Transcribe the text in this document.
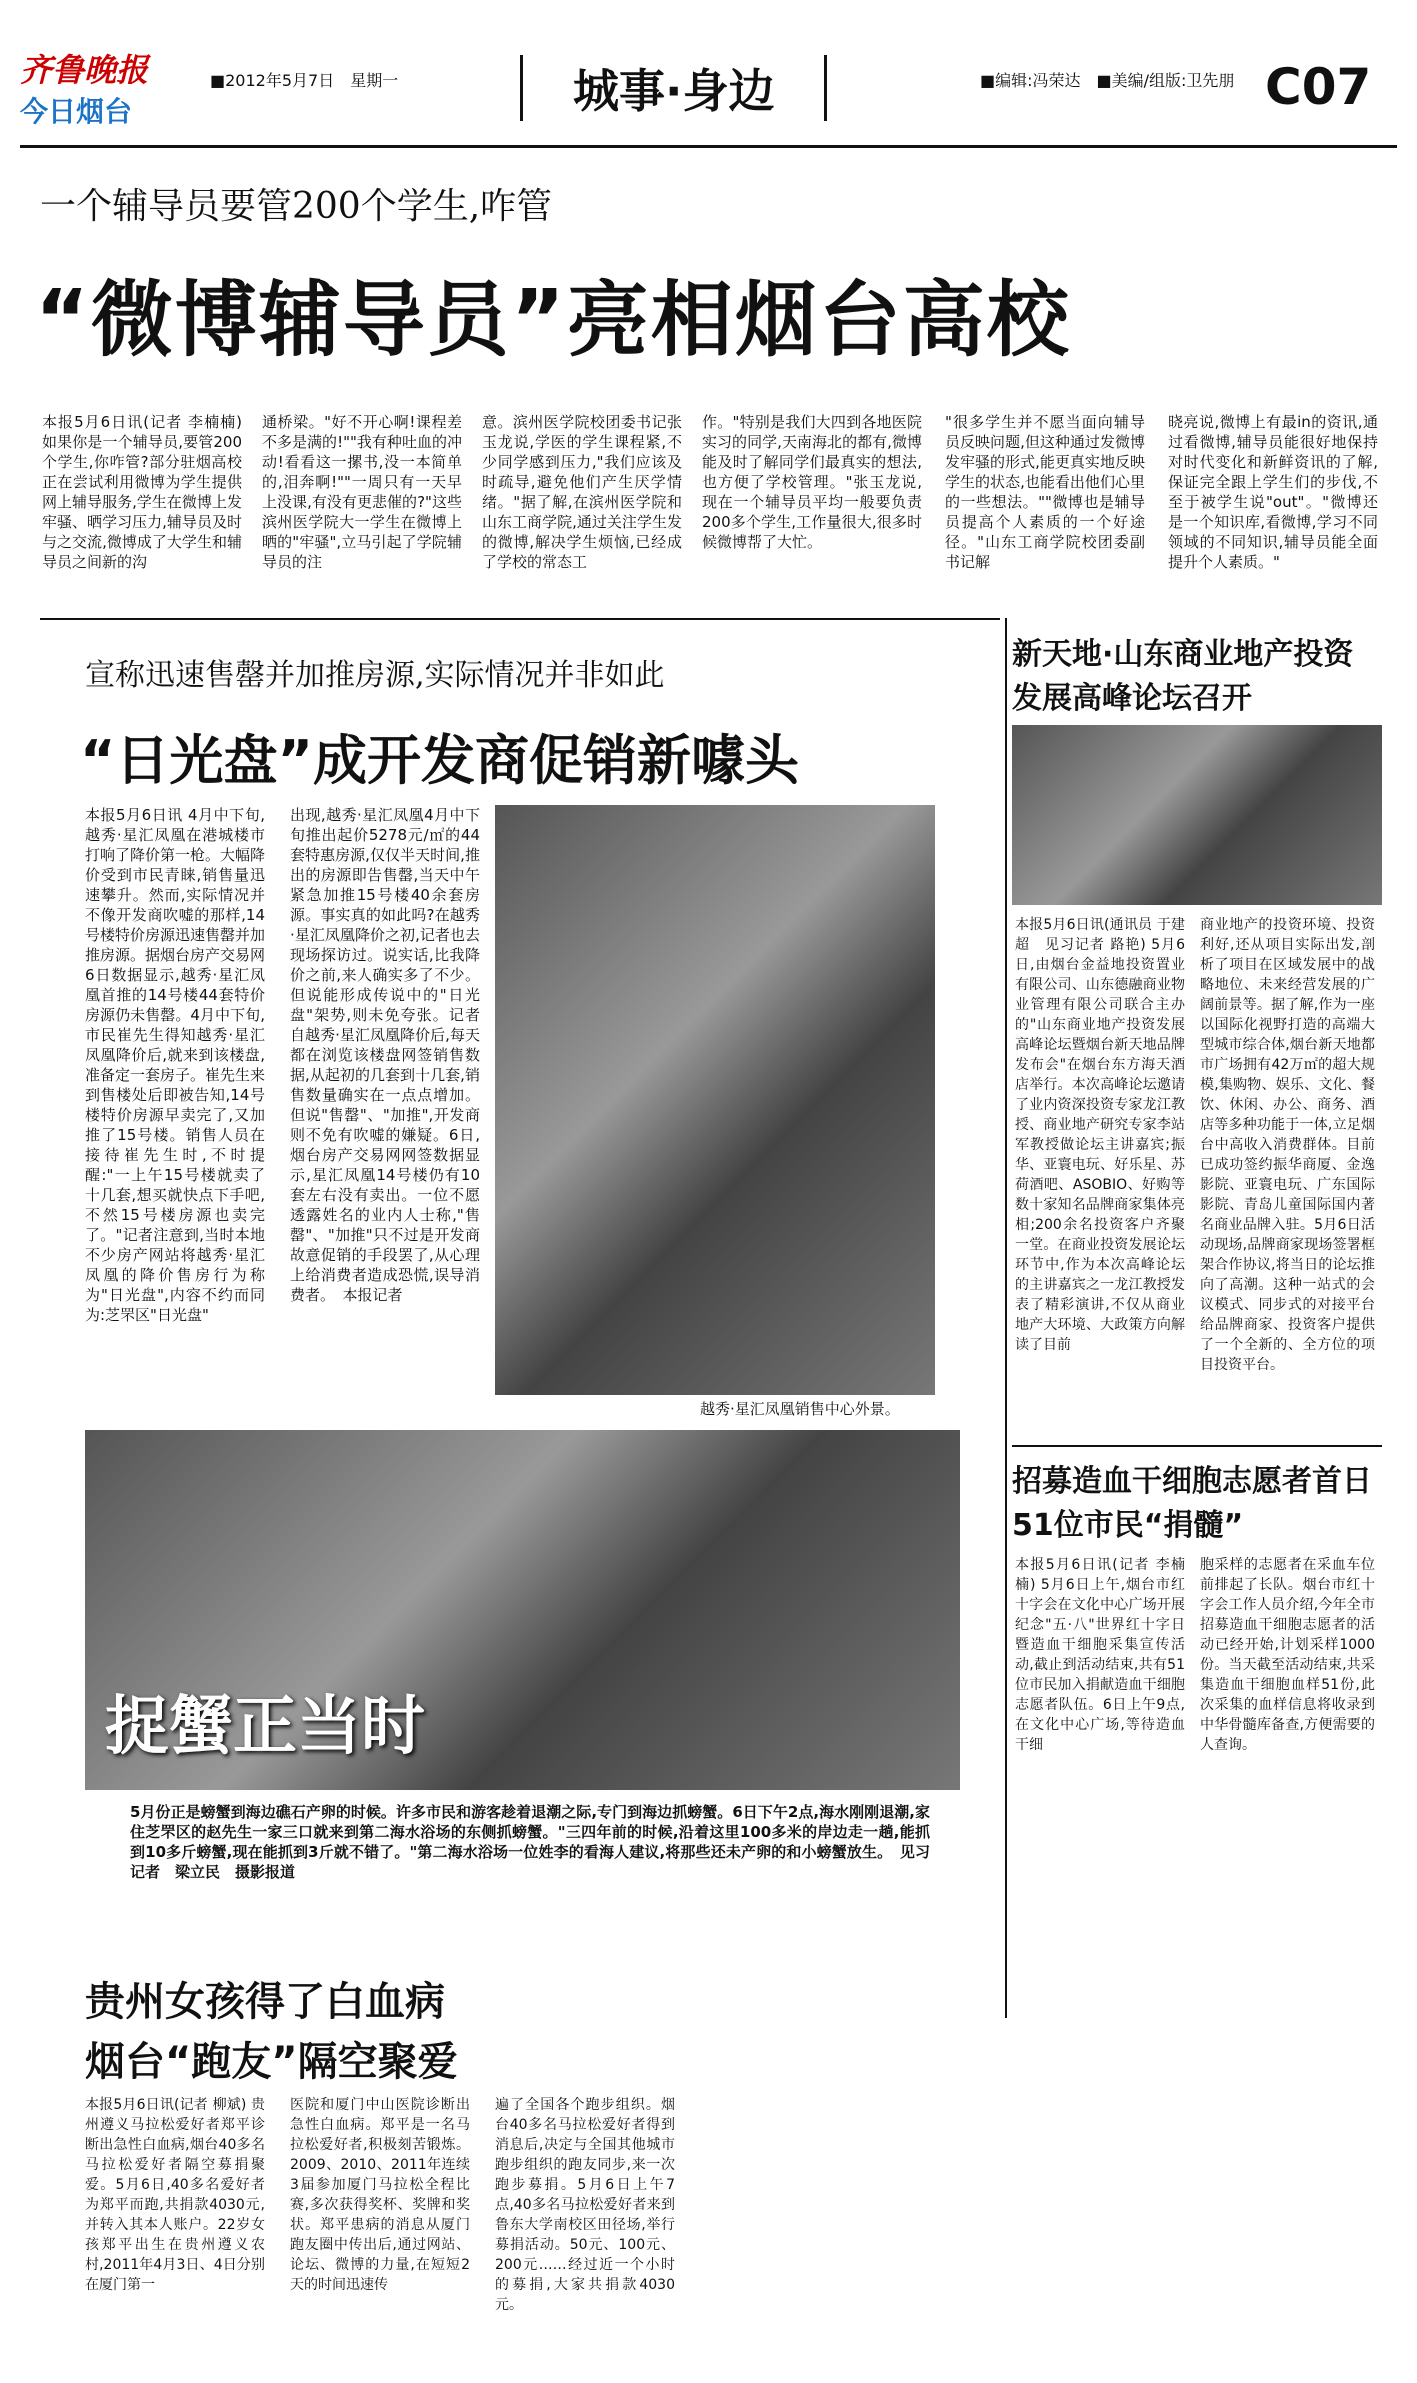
齐鲁晚报
今日烟台
■2012年5月7日　星期一	城事·身边	■编辑:冯荣达　■美编/组版:卫先朋 C07
一个辅导员要管200个学生,咋管
“微博辅导员”亮相烟台高校
本报5月6日讯(记者 李楠楠) 如果你是一个辅导员,要管200个学生,你咋管?部分驻烟高校正在尝试利用微博为学生提供网上辅导服务,学生在微博上发牢骚、晒学习压力,辅导员及时与之交流,微博成了大学生和辅导员之间新的沟
通桥梁。"好不开心啊!课程差不多是满的!""我有种吐血的冲动!看看这一摞书,没一本简单的,泪奔啊!""一周只有一天早上没课,有没有更悲催的?"这些滨州医学院大一学生在微博上晒的"牢骚",立马引起了学院辅导员的注
意。滨州医学院校团委书记张玉龙说,学医的学生课程紧,不少同学感到压力,"我们应该及时疏导,避免他们产生厌学情绪。"据了解,在滨州医学院和山东工商学院,通过关注学生发的微博,解决学生烦恼,已经成了学校的常态工
作。"特别是我们大四到各地医院实习的同学,天南海北的都有,微博能及时了解同学们最真实的想法,也方便了学校管理。"张玉龙说,现在一个辅导员平均一般要负责200多个学生,工作量很大,很多时候微博帮了大忙。
"很多学生并不愿当面向辅导员反映问题,但这种通过发微博发牢骚的形式,能更真实地反映学生的状态,也能看出他们心里的一些想法。""微博也是辅导员提高个人素质的一个好途径。"山东工商学院校团委副书记解
晓亮说,微博上有最in的资讯,通过看微博,辅导员能很好地保持对时代变化和新鲜资讯的了解,保证完全跟上学生们的步伐,不至于被学生说"out"。"微博还是一个知识库,看微博,学习不同领域的不同知识,辅导员能全面提升个人素质。"
宣称迅速售罄并加推房源,实际情况并非如此
“日光盘”成开发商促销新噱头
本报5月6日讯 4月中下旬,越秀·星汇凤凰在港城楼市打响了降价第一枪。大幅降价受到市民青睐,销售量迅速攀升。然而,实际情况并不像开发商吹嘘的那样,14号楼特价房源迅速售罄并加推房源。据烟台房产交易网6日数据显示,越秀·星汇凤凰首推的14号楼44套特价房源仍未售罄。4月中下旬,市民崔先生得知越秀·星汇凤凰降价后,就来到该楼盘,准备定一套房子。崔先生来到售楼处后即被告知,14号楼特价房源早卖完了,又加推了15号楼。销售人员在接待崔先生时,不时提醒:"一上午15号楼就卖了十几套,想买就快点下手吧,不然15号楼房源也卖完了。"记者注意到,当时本地不少房产网站将越秀·星汇凤凰的降价售房行为称为"日光盘",内容不约而同为:芝罘区"日光盘"
出现,越秀·星汇凤凰4月中下旬推出起价5278元/㎡的44套特惠房源,仅仅半天时间,推出的房源即告售罄,当天中午紧急加推15号楼40余套房源。事实真的如此吗?在越秀·星汇凤凰降价之初,记者也去现场探访过。说实话,比我降价之前,来人确实多了不少。但说能形成传说中的"日光盘"架势,则未免夸张。记者自越秀·星汇凤凰降价后,每天都在浏览该楼盘网签销售数据,从起初的几套到十几套,销售数量确实在一点点增加。但说"售罄"、"加推",开发商则不免有吹嘘的嫌疑。6日,烟台房产交易网网签数据显示,星汇凤凰14号楼仍有10套左右没有卖出。一位不愿透露姓名的业内人士称,"售罄"、"加推"只不过是开发商故意促销的手段罢了,从心理上给消费者造成恐慌,误导消费者。　本报记者
越秀·星汇凤凰销售中心外景。
新天地·山东商业地产投资发展高峰论坛召开
本报5月6日讯(通讯员 于建超　见习记者 路艳) 5月6日,由烟台金益地投资置业有限公司、山东德融商业物业管理有限公司联合主办的"山东商业地产投资发展高峰论坛暨烟台新天地品牌发布会"在烟台东方海天酒店举行。本次高峰论坛邀请了业内资深投资专家龙江教授、商业地产研究专家李站军教授做论坛主讲嘉宾;振华、亚寰电玩、好乐星、苏荷酒吧、ASOBIO、好购等数十家知名品牌商家集体亮相;200余名投资客户齐聚一堂。在商业投资发展论坛环节中,作为本次高峰论坛的主讲嘉宾之一龙江教授发表了精彩演讲,不仅从商业地产大环境、大政策方向解读了目前
商业地产的投资环境、投资利好,还从项目实际出发,剖析了项目在区域发展中的战略地位、未来经营发展的广阔前景等。据了解,作为一座以国际化视野打造的高端大型城市综合体,烟台新天地都市广场拥有42万㎡的超大规模,集购物、娱乐、文化、餐饮、休闲、办公、商务、酒店等多种功能于一体,立足烟台中高收入消费群体。目前已成功签约振华商厦、金逸影院、亚寰电玩、广东国际影院、青岛儿童国际国内著名商业品牌入驻。5月6日活动现场,品牌商家现场签署框架合作协议,将当日的论坛推向了高潮。这种一站式的会议模式、同步式的对接平台给品牌商家、投资客户提供了一个全新的、全方位的项目投资平台。
招募造血干细胞志愿者首日51位市民“捐髓”
本报5月6日讯(记者 李楠楠) 5月6日上午,烟台市红十字会在文化中心广场开展纪念"五·八"世界红十字日暨造血干细胞采集宣传活动,截止到活动结束,共有51位市民加入捐献造血干细胞志愿者队伍。6日上午9点,在文化中心广场,等待造血干细
胞采样的志愿者在采血车位前排起了长队。烟台市红十字会工作人员介绍,今年全市招募造血干细胞志愿者的活动已经开始,计划采样1000份。当天截至活动结束,共采集造血干细胞血样51份,此次采集的血样信息将收录到中华骨髓库备查,方便需要的人查询。
捉蟹正当时
5月份正是螃蟹到海边礁石产卵的时候。许多市民和游客趁着退潮之际,专门到海边抓螃蟹。6日下午2点,海水刚刚退潮,家住芝罘区的赵先生一家三口就来到第二海水浴场的东侧抓螃蟹。"三四年前的时候,沿着这里100多米的岸边走一趟,能抓到10多斤螃蟹,现在能抓到3斤就不错了。"第二海水浴场一位姓李的看海人建议,将那些还未产卵的和小螃蟹放生。　见习记者　梁立民　摄影报道
贵州女孩得了白血病
烟台“跑友”隔空聚爱
本报5月6日讯(记者 柳斌) 贵州遵义马拉松爱好者郑平诊断出急性白血病,烟台40多名马拉松爱好者隔空募捐聚爱。5月6日,40多名爱好者为郑平而跑,共捐款4030元,并转入其本人账户。22岁女孩郑平出生在贵州遵义农村,2011年4月3日、4日分别在厦门第一
医院和厦门中山医院诊断出急性白血病。郑平是一名马拉松爱好者,积极刻苦锻炼。2009、2010、2011年连续3届参加厦门马拉松全程比赛,多次获得奖杯、奖牌和奖状。郑平患病的消息从厦门跑友圈中传出后,通过网站、论坛、微博的力量,在短短2天的时间迅速传
遍了全国各个跑步组织。烟台40多名马拉松爱好者得到消息后,决定与全国其他城市跑步组织的跑友同步,来一次跑步募捐。5月6日上午7点,40多名马拉松爱好者来到鲁东大学南校区田径场,举行募捐活动。50元、100元、200元……经过近一个小时的募捐,大家共捐款4030元。
